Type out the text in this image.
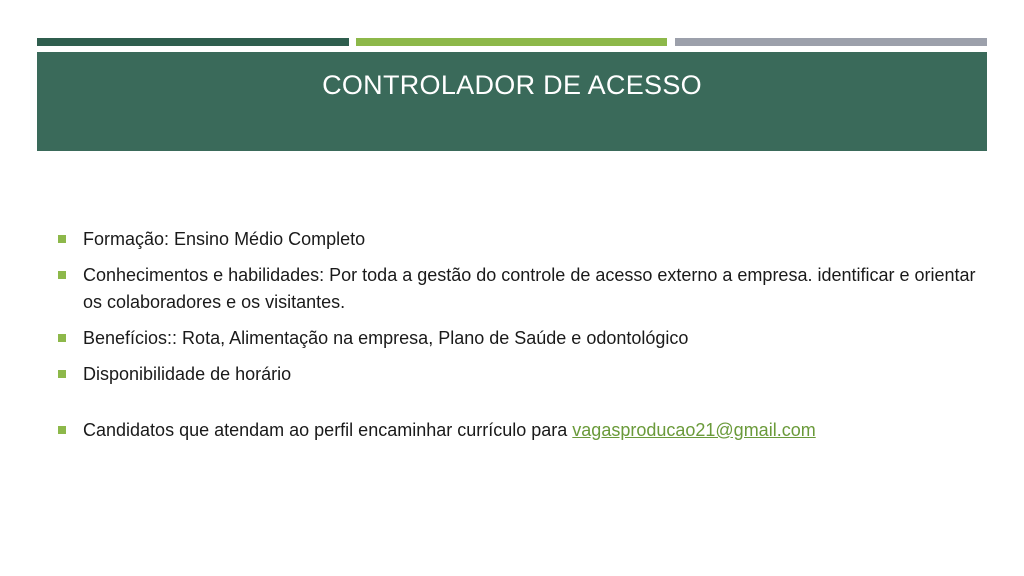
CONTROLADOR DE ACESSO
Formação: Ensino Médio Completo
Conhecimentos e habilidades: Por toda a gestão do controle de acesso externo a empresa. identificar e orientar os colaboradores e os visitantes.
Benefícios:: Rota, Alimentação na empresa, Plano de Saúde e odontológico
Disponibilidade de horário
Candidatos que atendam ao perfil encaminhar currículo para vagasproducao21@gmail.com
